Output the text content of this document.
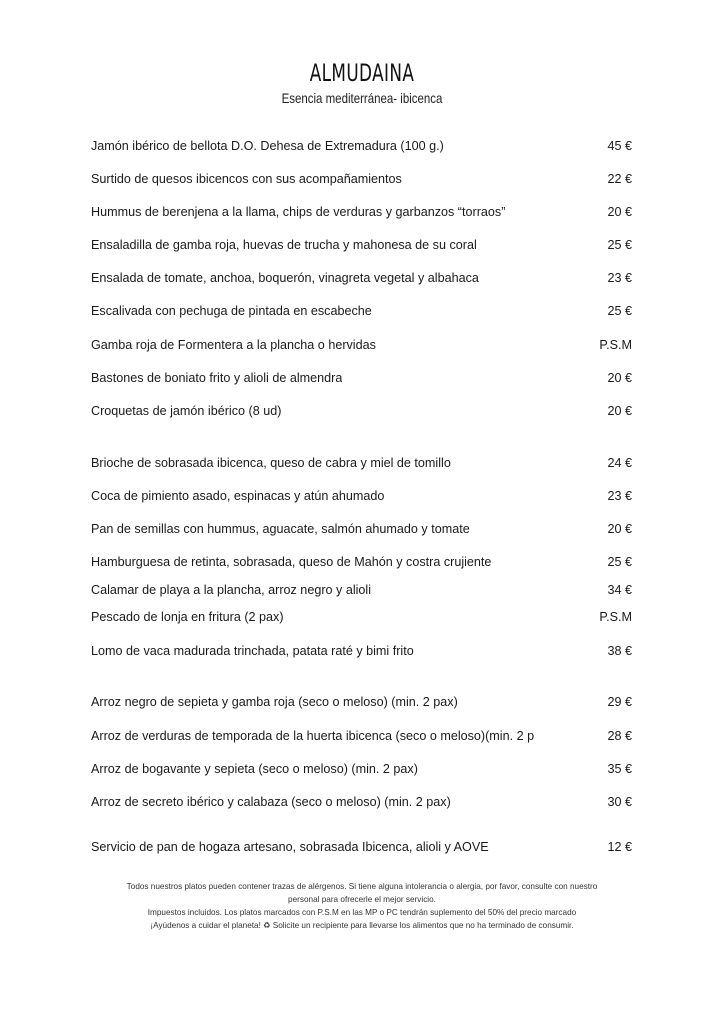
ALMUDAINA
Esencia mediterránea- ibicenca
Jamón ibérico de bellota D.O. Dehesa de Extremadura (100 g.)	45 €
Surtido de quesos ibicencos con sus acompañamientos	22 €
Hummus de berenjena a la llama, chips de verduras y garbanzos “torraos”	20 €
Ensaladilla de gamba roja, huevas de trucha y mahonesa de su coral	25 €
Ensalada de tomate, anchoa, boquerón, vinagreta vegetal y albahaca	23 €
Escalivada con pechuga de pintada en escabeche	25 €
Gamba roja de Formentera a la plancha o hervidas	P.S.M
Bastones de boniato frito y alioli de almendra	20 €
Croquetas de jamón ibérico (8 ud)	20 €
Brioche de sobrasada ibicenca, queso de cabra y miel de tomillo	24 €
Coca de pimiento asado, espinacas y atún ahumado	23 €
Pan de semillas con hummus, aguacate, salmón ahumado y tomate	20 €
Hamburguesa de retinta, sobrasada, queso de Mahón y costra crujiente	25 €
Calamar de playa a la plancha, arroz negro y alioli	34 €
Pescado de lonja en fritura (2 pax)	P.S.M
Lomo de vaca madurada trinchada, patata raté y bimi frito	38 €
Arroz negro de sepieta y gamba roja (seco o meloso) (min. 2 pax)	29 €
Arroz de verduras de temporada de la huerta ibicenca (seco o meloso)(min. 2 p	28 €
Arroz de bogavante y sepieta (seco o meloso) (min. 2 pax)	35 €
Arroz de secreto ibérico y calabaza (seco o meloso) (min. 2 pax)	30 €
Servicio de pan de hogaza artesano, sobrasada Ibicenca, alioli y AOVE	12 €

Todos nuestros platos pueden contener trazas de alérgenos. Si tiene alguna intolerancia o alergia, por favor, consulte con nuestro

personal para ofrecerle el mejor servicio.

Impuestos incluidos. Los platos marcados con P.S.M en las MP o PC tendrán suplemento del 50% del precio marcado

¡Ayúdenos a cuidar el planeta! ♻ Solicite un recipiente para llevarse los alimentos que no ha terminado de consumir.
